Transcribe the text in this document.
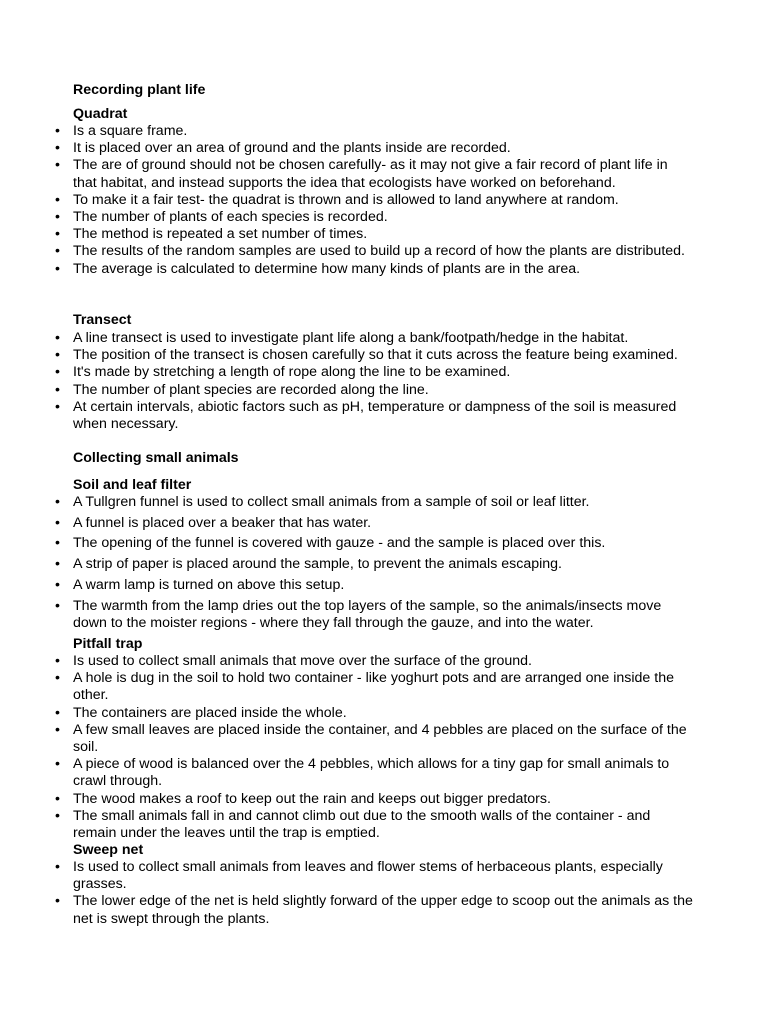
Recording plant life
Quadrat
• Is a square frame.
• It is placed over an area of ground and the plants inside are recorded.
• The are of ground should not be chosen carefully- as it may not give a fair record of plant life in that habitat, and instead supports the idea that ecologists have worked on beforehand.
• To make it a fair test- the quadrat is thrown and is allowed to land anywhere at random.
• The number of plants of each species is recorded.
• The method is repeated a set number of times.
• The results of the random samples are used to build up a record of how the plants are distributed.
• The average is calculated to determine how many kinds of plants are in the area.
Transect
• A line transect is used to investigate plant life along a bank/footpath/hedge in the habitat.
• The position of the transect is chosen carefully so that it cuts across the feature being examined.
• It's made by stretching a length of rope along the line to be examined.
• The number of plant species are recorded along the line.
• At certain intervals, abiotic factors such as pH, temperature or dampness of the soil is measured when necessary.
Collecting small animals
Soil and leaf filter
• A Tullgren funnel is used to collect small animals from a sample of soil or leaf litter.
• A funnel is placed over a beaker that has water.
• The opening of the funnel is covered with gauze - and the sample is placed over this.
• A strip of paper is placed around the sample, to prevent the animals escaping.
• A warm lamp is turned on above this setup.
• The warmth from the lamp dries out the top layers of the sample, so the animals/insects move down to the moister regions - where they fall through the gauze, and into the water.
Pitfall trap
• Is used to collect small animals that move over the surface of the ground.
• A hole is dug in the soil to hold two container - like yoghurt pots and are arranged one inside the other.
• The containers are placed inside the whole.
• A few small leaves are placed inside the container, and 4 pebbles are placed on the surface of the soil.
• A piece of wood is balanced over the 4 pebbles, which allows for a tiny gap for small animals to crawl through.
• The wood makes a roof to keep out the rain and keeps out bigger predators.
• The small animals fall in and cannot climb out due to the smooth walls of the container - and remain under the leaves until the trap is emptied.
Sweep net
• Is used to collect small animals from leaves and flower stems of herbaceous plants, especially grasses.
• The lower edge of the net is held slightly forward of the upper edge to scoop out the animals as the net is swept through the plants.
